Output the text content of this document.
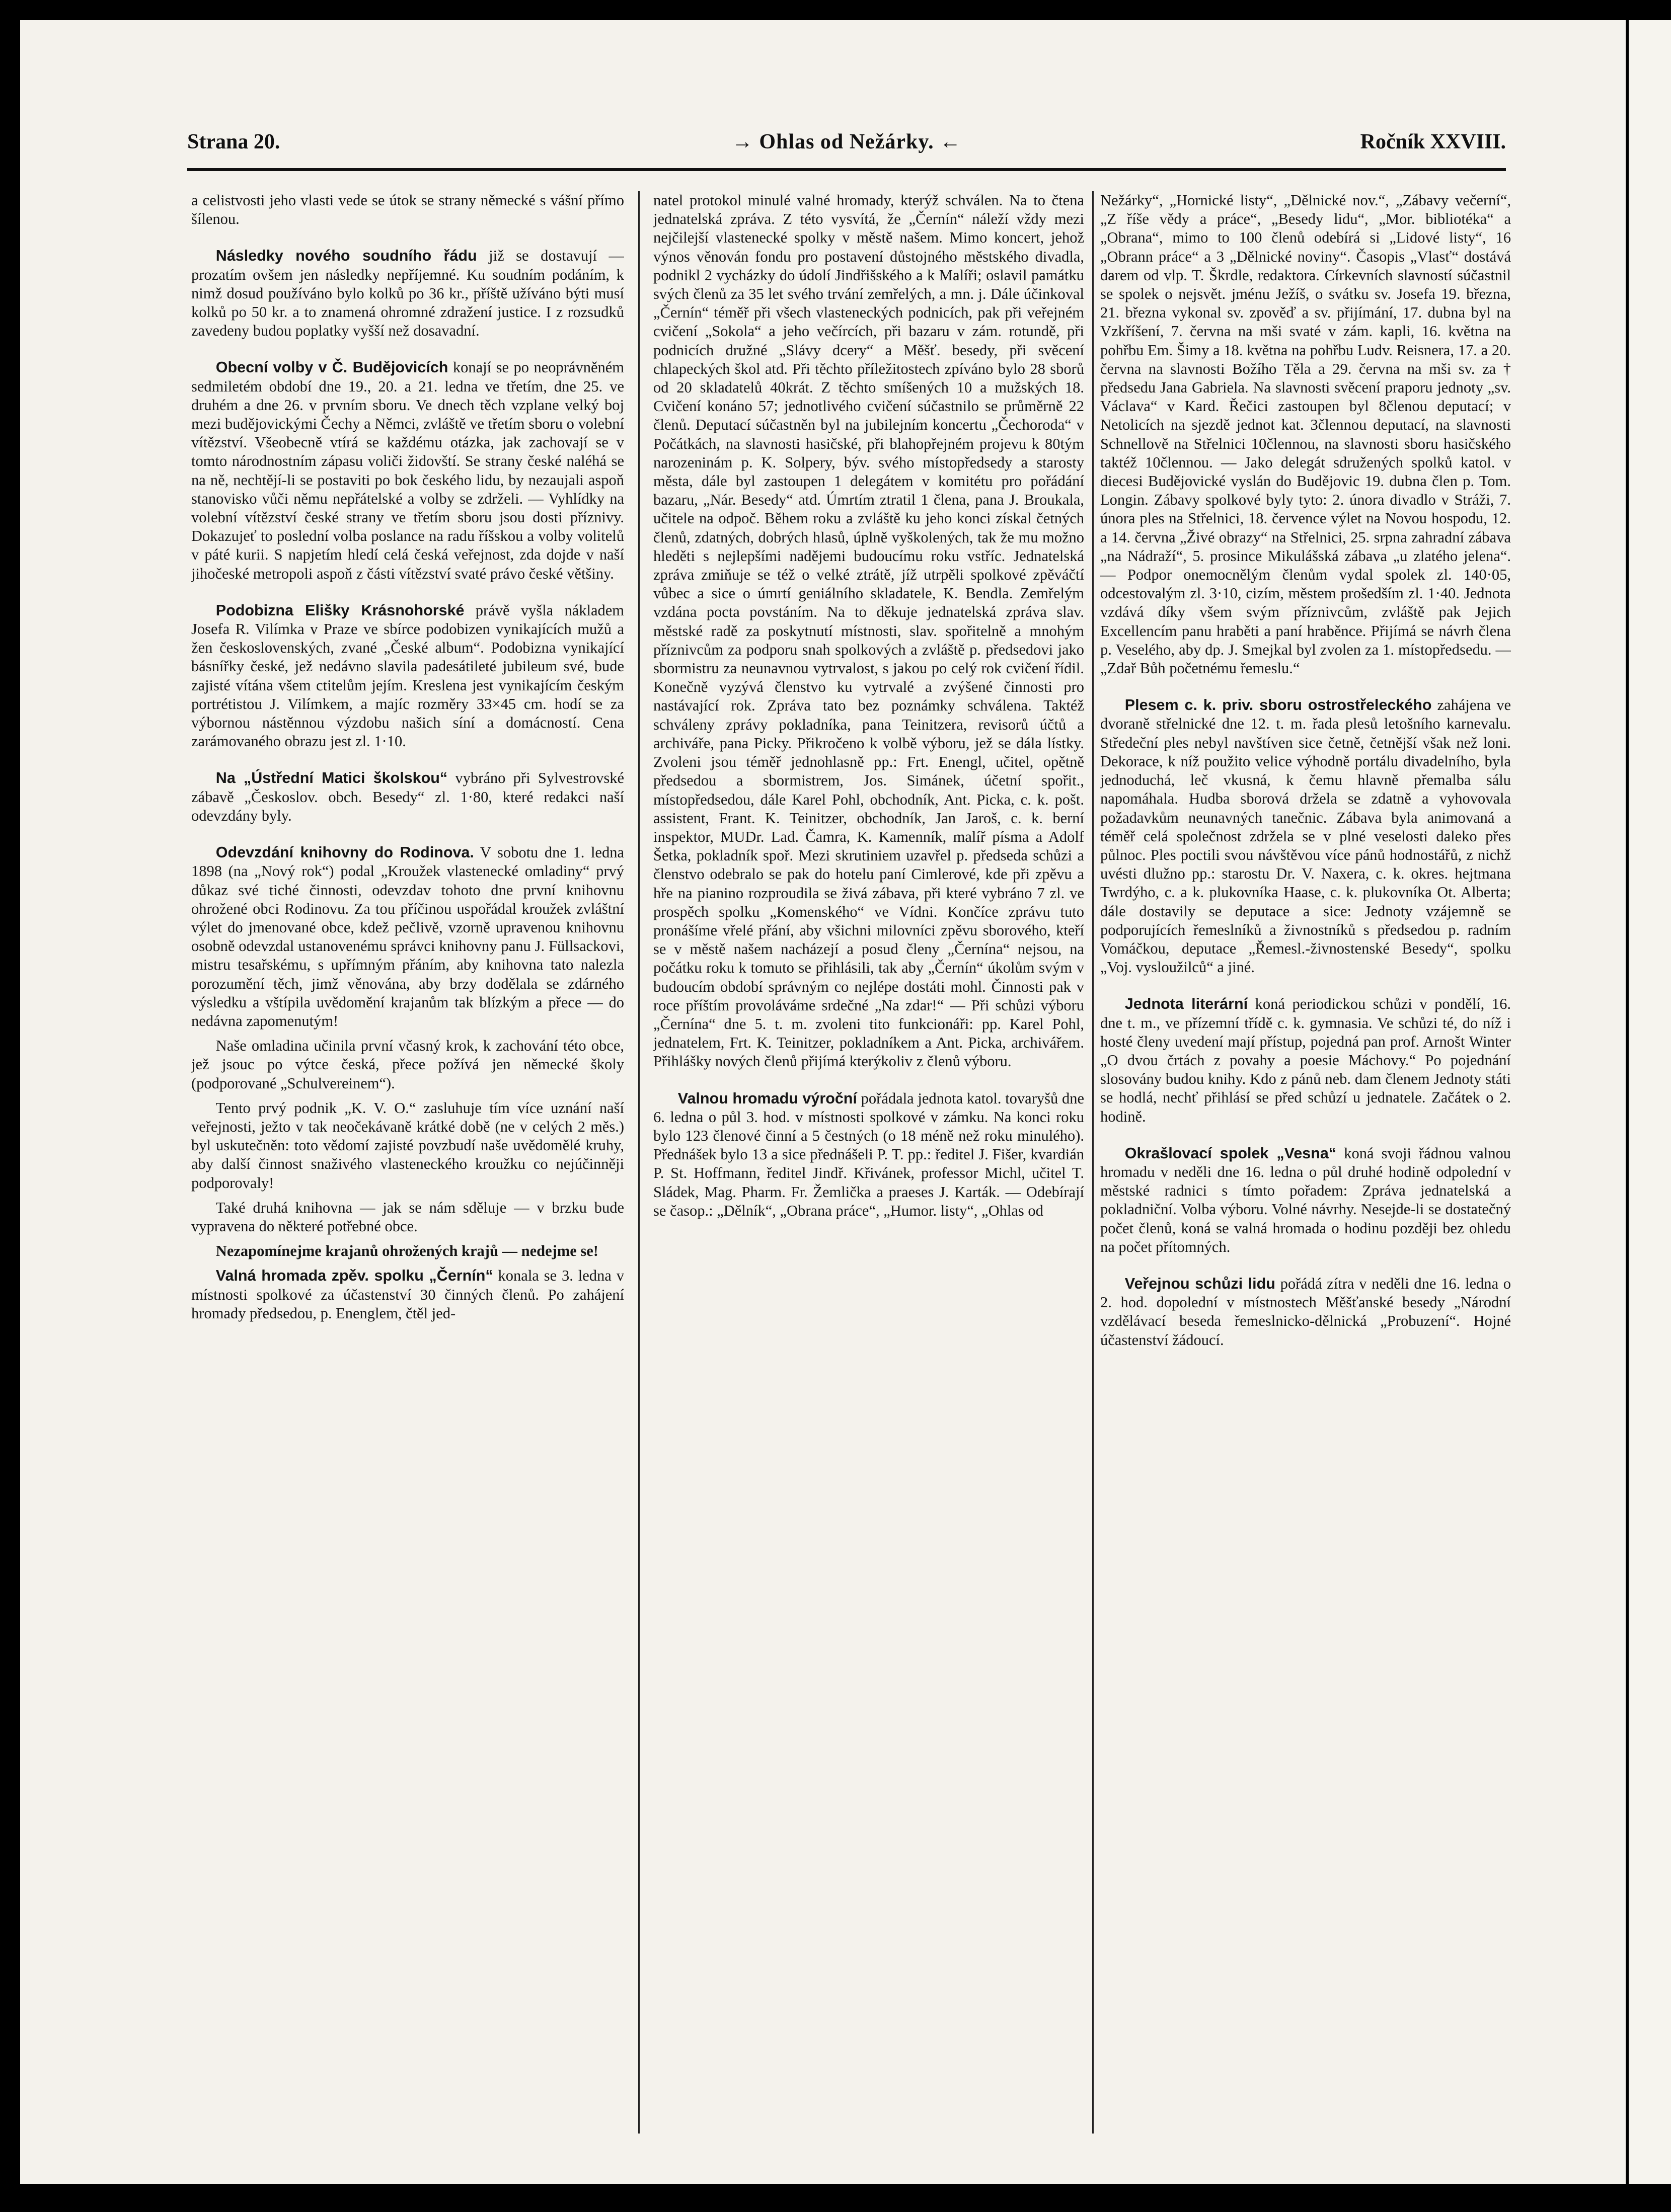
Strana 20.	→ Ohlas od Nežárky. ←	Ročník XXVIII.

a celistvosti jeho vlasti vede se útok se strany německé s vášní přímo šílenou.

Následky nového soudního řádu již se dostavují — prozatím ovšem jen následky nepříjemné. Ku soudním podáním, k nimž dosud používáno bylo kolků po 36 kr., příště užíváno býti musí kolků po 50 kr. a to znamená ohromné zdražení justice. I z rozsudků zavedeny budou poplatky vyšší než dosavadní.

Obecní volby v Č. Budějovicích konají se po neoprávněném sedmiletém období dne 19., 20. a 21. ledna ve třetím, dne 25. ve druhém a dne 26. v prvním sboru. Ve dnech těch vzplane velký boj mezi budějovickými Čechy a Němci, zvláště ve třetím sboru o volební vítězství. Všeobecně vtírá se každému otázka, jak zachovají se v tomto národnostním zápasu voliči židovští. Se strany české naléhá se na ně, nechtějí-li se postaviti po bok českého lidu, by nezaujali aspoň stanovisko vůči němu nepřátelské a volby se zdrželi. — Vyhlídky na volební vítězství české strany ve třetím sboru jsou dosti příznivy. Dokazujeť to poslední volba poslance na radu říšskou a volby volitelů v páté kurii. S napjetím hledí celá česká veřejnost, zda dojde v naší jihočeské metropoli aspoň z části vítězství svaté právo české většiny.

Podobizna Elišky Krásnohorské právě vyšla nákladem Josefa R. Vilímka v Praze ve sbírce podobizen vynikajících mužů a žen československých, zvané „České album“. Podobizna vynikající básnířky české, jež nedávno slavila padesátileté jubileum své, bude zajisté vítána všem ctitelům jejím. Kreslena jest vynikajícím českým portrétistou J. Vilímkem, a majíc rozměry 33×45 cm. hodí se za výbornou nástěnnou výzdobu našich síní a domácností. Cena zarámovaného obrazu jest zl. 1·10.

Na „Ústřední Matici školskou“ vybráno při Sylvestrovské zábavě „Českoslov. obch. Besedy“ zl. 1·80, které redakci naší odevzdány byly.

Odevzdání knihovny do Rodinova. V sobotu dne 1. ledna 1898 (na „Nový rok“) podal „Kroužek vlastenecké omladiny“ prvý důkaz své tiché činnosti, odevzdav tohoto dne první knihovnu ohrožené obci Rodinovu. Za tou příčinou uspořádal kroužek zvláštní výlet do jmenované obce, kdež pečlivě, vzorně upravenou knihovnu osobně odevzdal ustanovenému správci knihovny panu J. Füllsackovi, mistru tesařskému, s upřímným přáním, aby knihovna tato nalezla porozumění těch, jimž věnována, aby brzy dodělala se zdárného výsledku a vštípila uvědomění krajanům tak blízkým a přece — do nedávna zapomenutým!

Naše omladina učinila první včasný krok, k zachování této obce, jež jsouc po výtce česká, přece požívá jen německé školy (podporované „Schulvereinem“).

Tento prvý podnik „K. V. O.“ zasluhuje tím více uznání naší veřejnosti, ježto v tak neočekávaně krátké době (ne v celých 2 měs.) byl uskutečněn: toto vědomí zajisté povzbudí naše uvědomělé kruhy, aby další činnost snaživého vlasteneckého kroužku co nejúčinněji podporovaly!

Také druhá knihovna — jak se nám sděluje — v brzku bude vypravena do některé potřebné obce.

Nezapomínejme krajanů ohrožených krajů — nedejme se!

Valná hromada zpěv. spolku „Černín“ konala se 3. ledna v místnosti spolkové za účastenství 30 činných členů. Po zahájení hromady předsedou, p. Enenglem, čtěl jed-

natel protokol minulé valné hromady, kterýž schválen. Na to čtena jednatelská zpráva. Z této vysvítá, že „Černín“ náleží vždy mezi nejčilejší vlastenecké spolky v městě našem. Mimo koncert, jehož výnos věnován fondu pro postavení důstojného městského divadla, podnikl 2 vycházky do údolí Jindřišského a k Malíři; oslavil památku svých členů za 35 let svého trvání zemřelých, a mn. j. Dále účinkoval „Černín“ téměř při všech vlasteneckých podnicích, pak při veřejném cvičení „Sokola“ a jeho večírcích, při bazaru v zám. rotundě, při podnicích družné „Slávy dcery“ a Měšť. besedy, při svěcení chlapeckých škol atd. Při těchto příležitostech zpíváno bylo 28 sborů od 20 skladatelů 40krát. Z těchto smíšených 10 a mužských 18. Cvičení konáno 57; jednotlivého cvičení súčastnilo se průměrně 22 členů. Deputací súčastněn byl na jubilejním koncertu „Čechoroda“ v Počátkách, na slavnosti hasičské, při blahopřejném projevu k 80tým narozeninám p. K. Solpery, býv. svého místopředsedy a starosty města, dále byl zastoupen 1 delegátem v komitétu pro pořádání bazaru, „Nár. Besedy“ atd. Úmrtím ztratil 1 člena, pana J. Broukala, učitele na odpoč. Během roku a zvláště ku jeho konci získal četných členů, zdatných, dobrých hlasů, úplně vyškolených, tak že mu možno hleděti s nejlepšími nadějemi budoucímu roku vstříc. Jednatelská zpráva zmiňuje se též o velké ztrátě, jíž utrpěli spolkové zpěváčtí vůbec a sice o úmrtí geniálního skladatele, K. Bendla. Zemřelým vzdána pocta povstáním. Na to děkuje jednatelská zpráva slav. městské radě za poskytnutí místnosti, slav. spořitelně a mnohým příznivcům za podporu snah spolkových a zvláště p. předsedovi jako sbormistru za neunavnou vytrvalost, s jakou po celý rok cvičení řídil. Konečně vyzývá členstvo ku vytrvalé a zvýšené činnosti pro nastávající rok. Zpráva tato bez poznámky schválena. Taktéž schváleny zprávy pokladníka, pana Teinitzera, revisorů účtů a archiváře, pana Picky. Přikročeno k volbě výboru, jež se dála lístky. Zvoleni jsou téměř jednohlasně pp.: Frt. Enengl, učitel, opětně předsedou a sbormistrem, Jos. Simánek, účetní spořit., místopředsedou, dále Karel Pohl, obchodník, Ant. Picka, c. k. pošt. assistent, Frant. K. Teinitzer, obchodník, Jan Jaroš, c. k. berní inspektor, MUDr. Lad. Čamra, K. Kamenník, malíř písma a Adolf Šetka, pokladník spoř. Mezi skrutiniem uzavřel p. předseda schůzi a členstvo odebralo se pak do hotelu paní Cimlerové, kde při zpěvu a hře na pianino rozproudila se živá zábava, při které vybráno 7 zl. ve prospěch spolku „Komenského“ ve Vídni. Končíce zprávu tuto pronášíme vřelé přání, aby všichni milovníci zpěvu sborového, kteří se v městě našem nacházejí a posud členy „Černína“ nejsou, na počátku roku k tomuto se přihlásili, tak aby „Černín“ úkolům svým v budoucím období správným co nejlépe dostáti mohl. Činnosti pak v roce příštím provoláváme srdečné „Na zdar!“ — Při schůzi výboru „Černína“ dne 5. t. m. zvoleni tito funkcionáři: pp. Karel Pohl, jednatelem, Frt. K. Teinitzer, pokladníkem a Ant. Picka, archivářem. Přihlášky nových členů přijímá kterýkoliv z členů výboru.

Valnou hromadu výroční pořádala jednota katol. tovaryšů dne 6. ledna o půl 3. hod. v místnosti spolkové v zámku. Na konci roku bylo 123 členové činní a 5 čestných (o 18 méně než roku minulého). Přednášek bylo 13 a sice přednášeli P. T. pp.: ředitel J. Fišer, kvardián P. St. Hoffmann, ředitel Jindř. Křivánek, professor Michl, učitel T. Sládek, Mag. Pharm. Fr. Žemlička a praeses J. Karták. — Odebírají se časop.: „Dělník“, „Obrana práce“, „Humor. listy“, „Ohlas od

Nežárky“, „Hornické listy“, „Dělnické nov.“, „Zábavy večerní“, „Z říše vědy a práce“, „Besedy lidu“, „Mor. bibliotéka“ a „Obrana“, mimo to 100 členů odebírá si „Lidové listy“, 16 „Obrann práce“ a 3 „Dělnické noviny“. Časopis „Vlasť“ dostává darem od vlp. T. Škrdle, redaktora. Církevních slavností súčastnil se spolek o nejsvět. jménu Ježíš, o svátku sv. Josefa 19. března, 21. března vykonal sv. zpověď a sv. přijímání, 17. dubna byl na Vzkříšení, 7. června na mši svaté v zám. kapli, 16. května na pohřbu Em. Šimy a 18. května na pohřbu Ludv. Reisnera, 17. a 20. června na slavnosti Božího Těla a 29. června na mši sv. za † předsedu Jana Gabriela. Na slavnosti svěcení praporu jednoty „sv. Václava“ v Kard. Řečici zastoupen byl 8členou deputací; v Netolicích na sjezdě jednot kat. 3člennou deputací, na slavnosti Schnellově na Střelnici 10člennou, na slavnosti sboru hasičského taktéž 10člennou. — Jako delegát sdružených spolků katol. v diecesi Budějovické vyslán do Budějovic 19. dubna člen p. Tom. Longin. Zábavy spolkové byly tyto: 2. února divadlo v Stráži, 7. února ples na Střelnici, 18. července výlet na Novou hospodu, 12. a 14. června „Živé obrazy“ na Střelnici, 25. srpna zahradní zábava „na Nádraží“, 5. prosince Mikulášská zábava „u zlatého jelena“. — Podpor onemocnělým členům vydal spolek zl. 140·05, odcestovalým zl. 3·10, cizím, městem prošedším zl. 1·40. Jednota vzdává díky všem svým příznivcům, zvláště pak Jejich Excellencím panu hraběti a paní hraběnce. Přijímá se návrh člena p. Veselého, aby dp. J. Smejkal byl zvolen za 1. místopředsedu. — „Zdař Bůh početnému řemeslu.“

Plesem c. k. priv. sboru ostrostřeleckého zahájena ve dvoraně střelnické dne 12. t. m. řada plesů letošního karnevalu. Středeční ples nebyl navštíven sice četně, četnější však než loni. Dekorace, k níž použito velice výhodně portálu divadelního, byla jednoduchá, leč vkusná, k čemu hlavně přemalba sálu napomáhala. Hudba sborová držela se zdatně a vyhovovala požadavkům neunavných tanečnic. Zábava byla animovaná a téměř celá společnost zdržela se v plné veselosti daleko přes půlnoc. Ples poctili svou návštěvou více pánů hodnostářů, z nichž uvésti dlužno pp.: starostu Dr. V. Naxera, c. k. okres. hejtmana Twrdýho, c. a k. plukovníka Haase, c. k. plukovníka Ot. Alberta; dále dostavily se deputace a sice: Jednoty vzájemně se podporujících řemeslníků a živnostníků s předsedou p. radním Vomáčkou, deputace „Řemesl.-živnostenské Besedy“, spolku „Voj. vysloužilců“ a jiné.

Jednota literární koná periodickou schůzi v pondělí, 16. dne t. m., ve přízemní třídě c. k. gymnasia. Ve schůzi té, do níž i hosté členy uvedení mají přístup, pojedná pan prof. Arnošt Winter „O dvou črtách z povahy a poesie Máchovy.“ Po pojednání slosovány budou knihy. Kdo z pánů neb. dam členem Jednoty státi se hodlá, nechť přihlásí se před schůzí u jednatele. Začátek o 2. hodině.

Okrašlovací spolek „Vesna“ koná svoji řádnou valnou hromadu v neděli dne 16. ledna o půl druhé hodině odpolední v městské radnici s tímto pořadem: Zpráva jednatelská a pokladniční. Volba výboru. Volné návrhy. Nesejde-li se dostatečný počet členů, koná se valná hromada o hodinu později bez ohledu na počet přítomných.

Veřejnou schůzi lidu pořádá zítra v neděli dne 16. ledna o 2. hod. dopolední v místnostech Měšťanské besedy „Národní vzdělávací beseda řemeslnicko-dělnická „Probuzení“. Hojné účastenství žádoucí.
